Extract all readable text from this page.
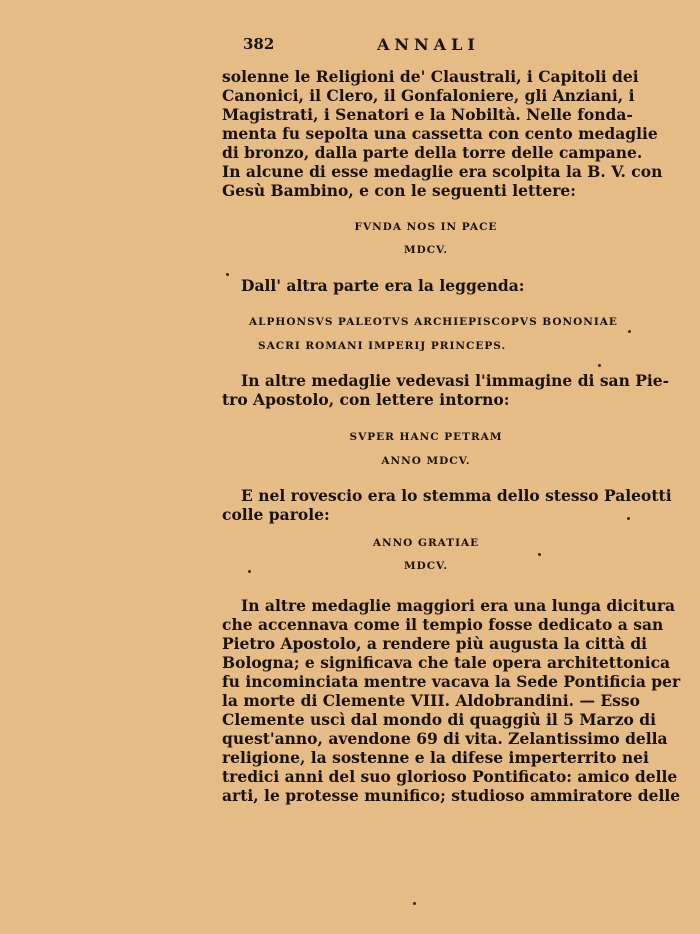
382	ANNALI
solenne le Religioni de' Claustrali, i Capitoli dei
Canonici, il Clero, il Gonfaloniere, gli Anziani, i
Magistrati, i Senatori e la Nobiltà. Nelle fonda-
menta fu sepolta una cassetta con cento medaglie
di bronzo, dalla parte della torre delle campane.
In alcune di esse medaglie era scolpita la B. V. con
Gesù Bambino, e con le seguenti lettere:
FVNDA NOS IN PACE
MDCV.
Dall' altra parte era la leggenda:
ALPHONSVS PALEOTVS ARCHIEPISCOPVS BONONIAE
SACRI ROMANI IMPERIJ PRINCEPS.
In altre medaglie vedevasi l'immagine di san Pie-
tro Apostolo, con lettere intorno:
SVPER HANC PETRAM
ANNO MDCV.
E nel rovescio era lo stemma dello stesso Paleotti
colle parole:
ANNO GRATIAE
MDCV.
In altre medaglie maggiori era una lunga dicitura
che accennava come il tempio fosse dedicato a san
Pietro Apostolo, a rendere più augusta la città di
Bologna; e significava che tale opera architettonica
fu incominciata mentre vacava la Sede Pontificia per
la morte di Clemente VIII. Aldobrandini. — Esso
Clemente uscì dal mondo di quaggiù il 5 Marzo di
quest'anno, avendone 69 di vita. Zelantissimo della
religione, la sostenne e la difese imperterrito nei
tredici anni del suo glorioso Pontificato: amico delle
arti, le protesse munifico; studioso ammiratore delle
